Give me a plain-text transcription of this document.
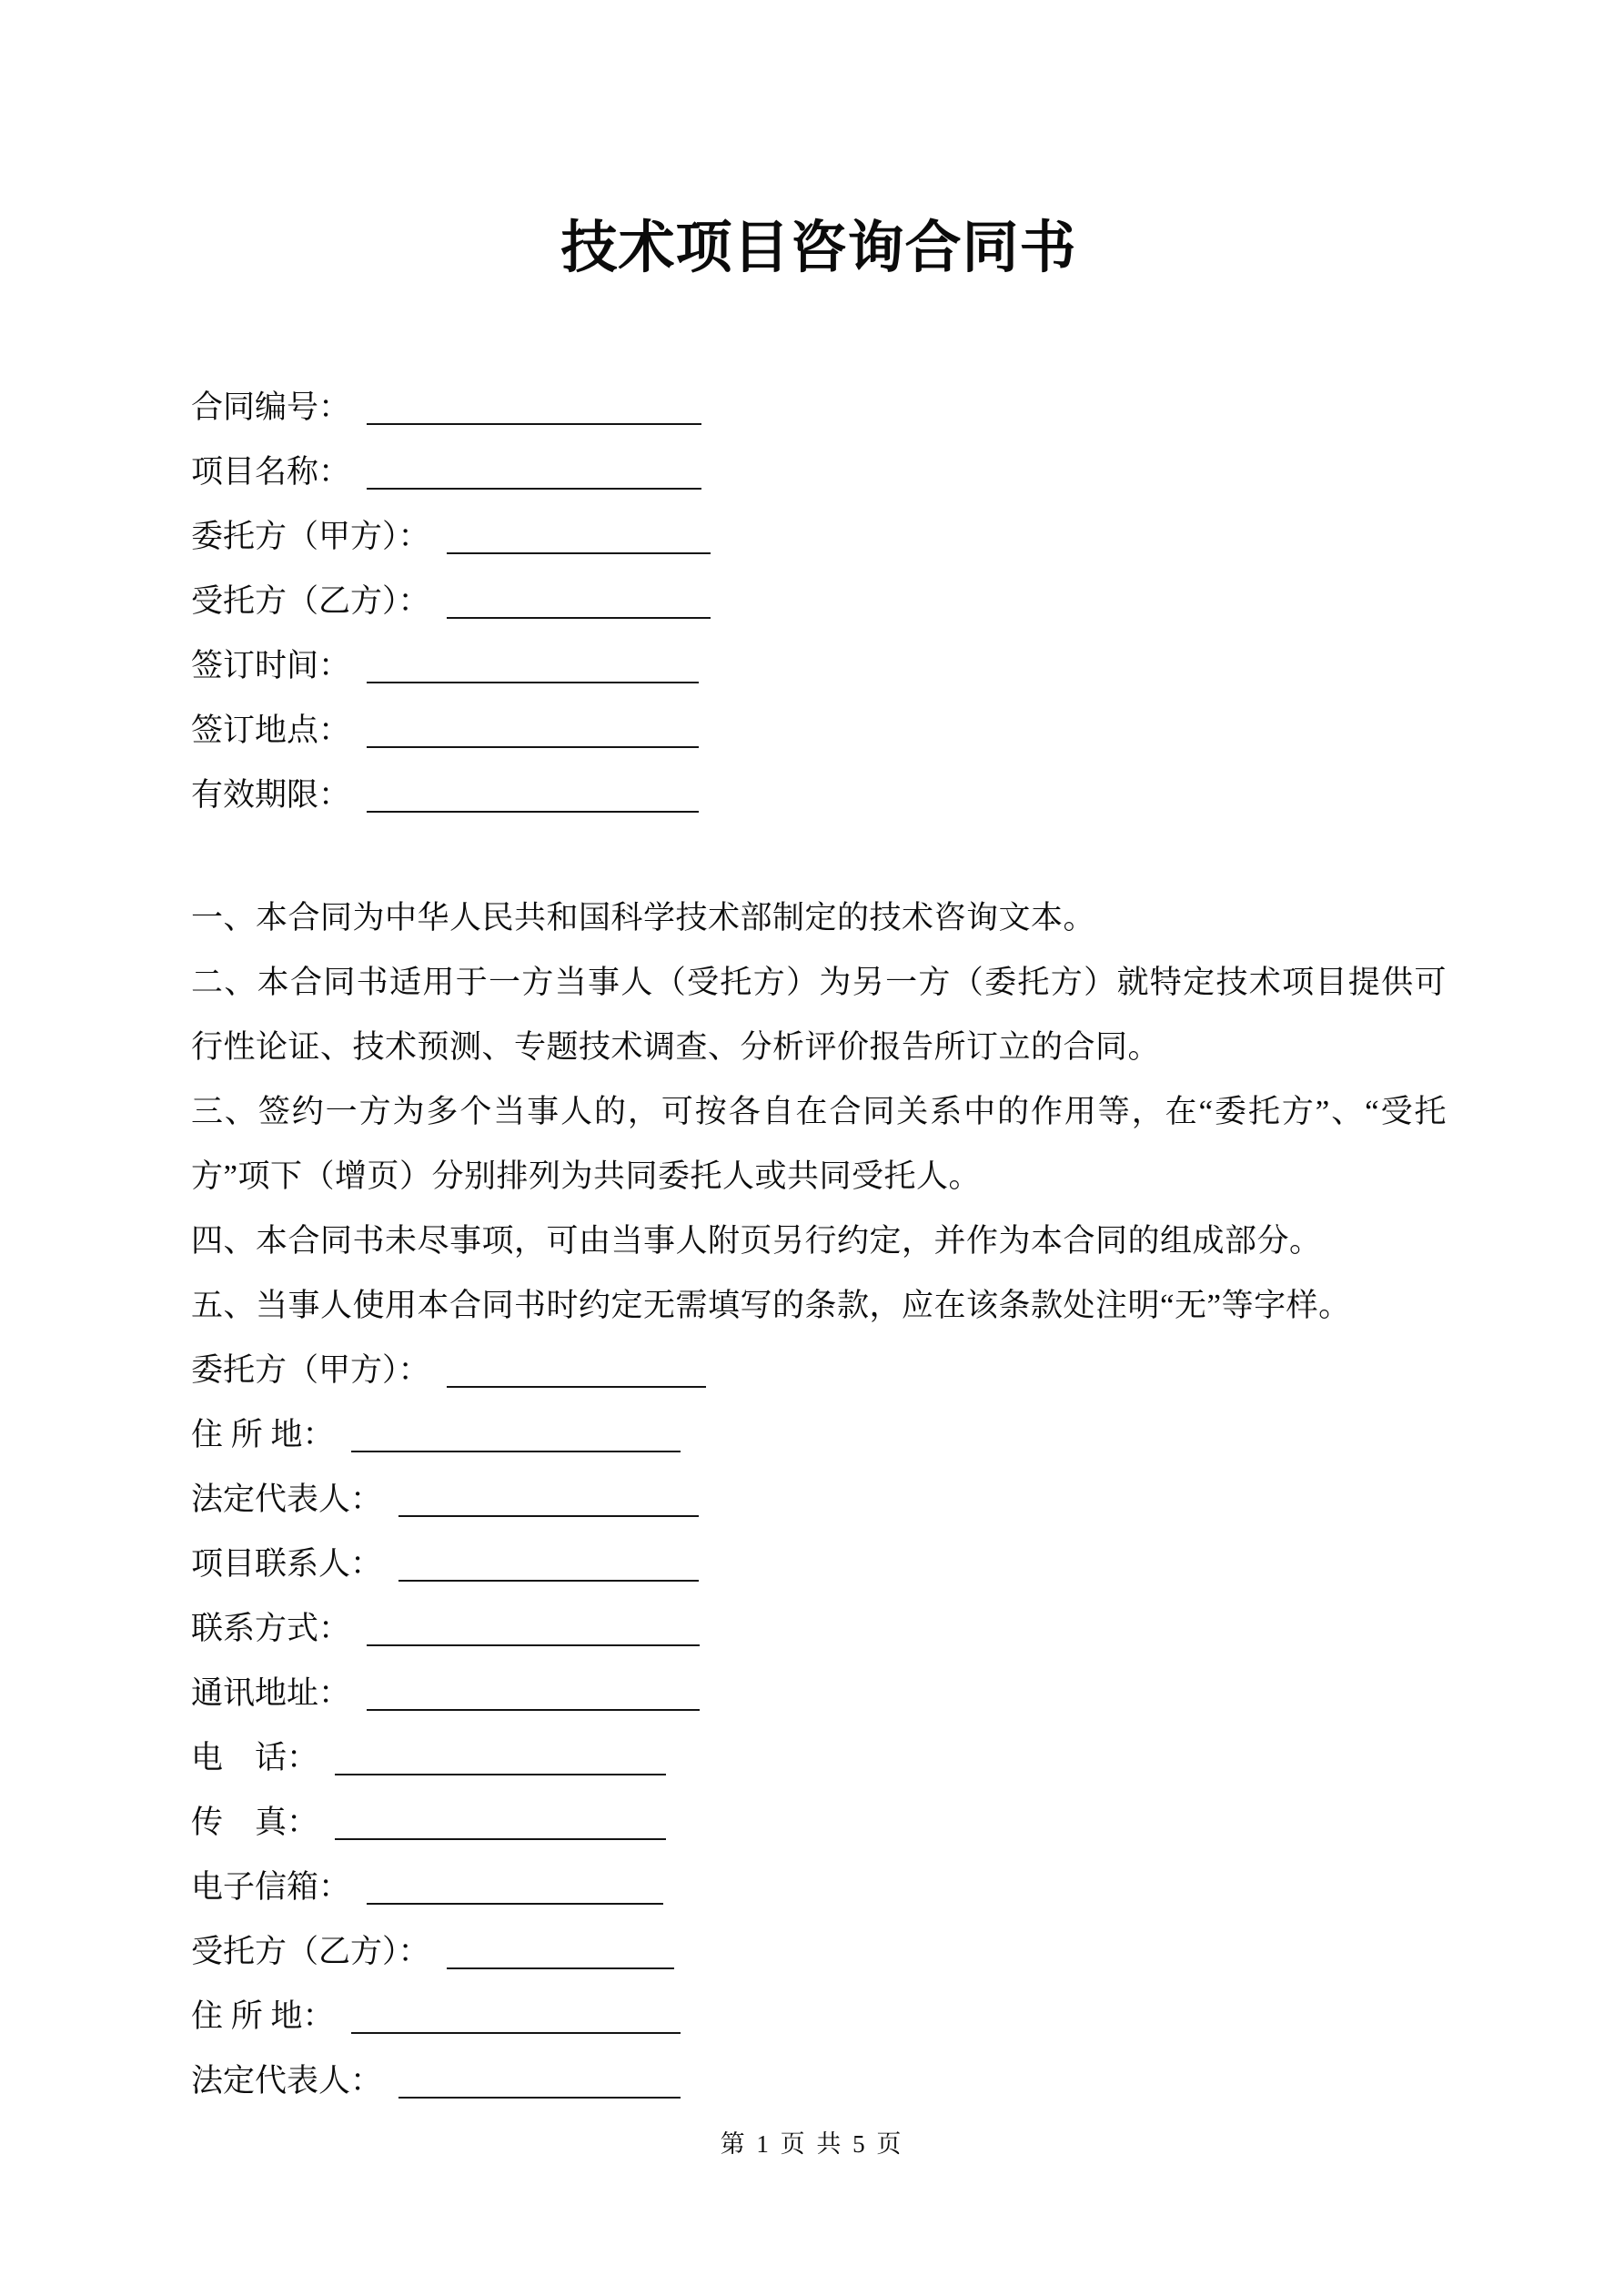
技术项目咨询合同书
合同编号：
项目名称：
委托方（甲方）：
受托方（乙方）：
签订时间：
签订地点：
有效期限：

一、本合同为中华人民共和国科学技术部制定的技术咨询文本。

二、本合同书适用于一方当事人（受托方）为另一方（委托方）就特定技术项目提供可行性论证、技术预测、专题技术调查、分析评价报告所订立的合同。

三、签约一方为多个当事人的，可按各自在合同关系中的作用等，在“委托方”、“受托方”项下（增页）分别排列为共同委托人或共同受托人。

四、本合同书未尽事项，可由当事人附页另行约定，并作为本合同的组成部分。

五、当事人使用本合同书时约定无需填写的条款，应在该条款处注明“无”等字样。

委托方（甲方）：
住 所 地：
法定代表人：
项目联系人：
联系方式：
通讯地址：
电　话：
传　真：
电子信箱：
受托方（乙方）：
住 所 地：
法定代表人：
第 1 页 共 5 页
